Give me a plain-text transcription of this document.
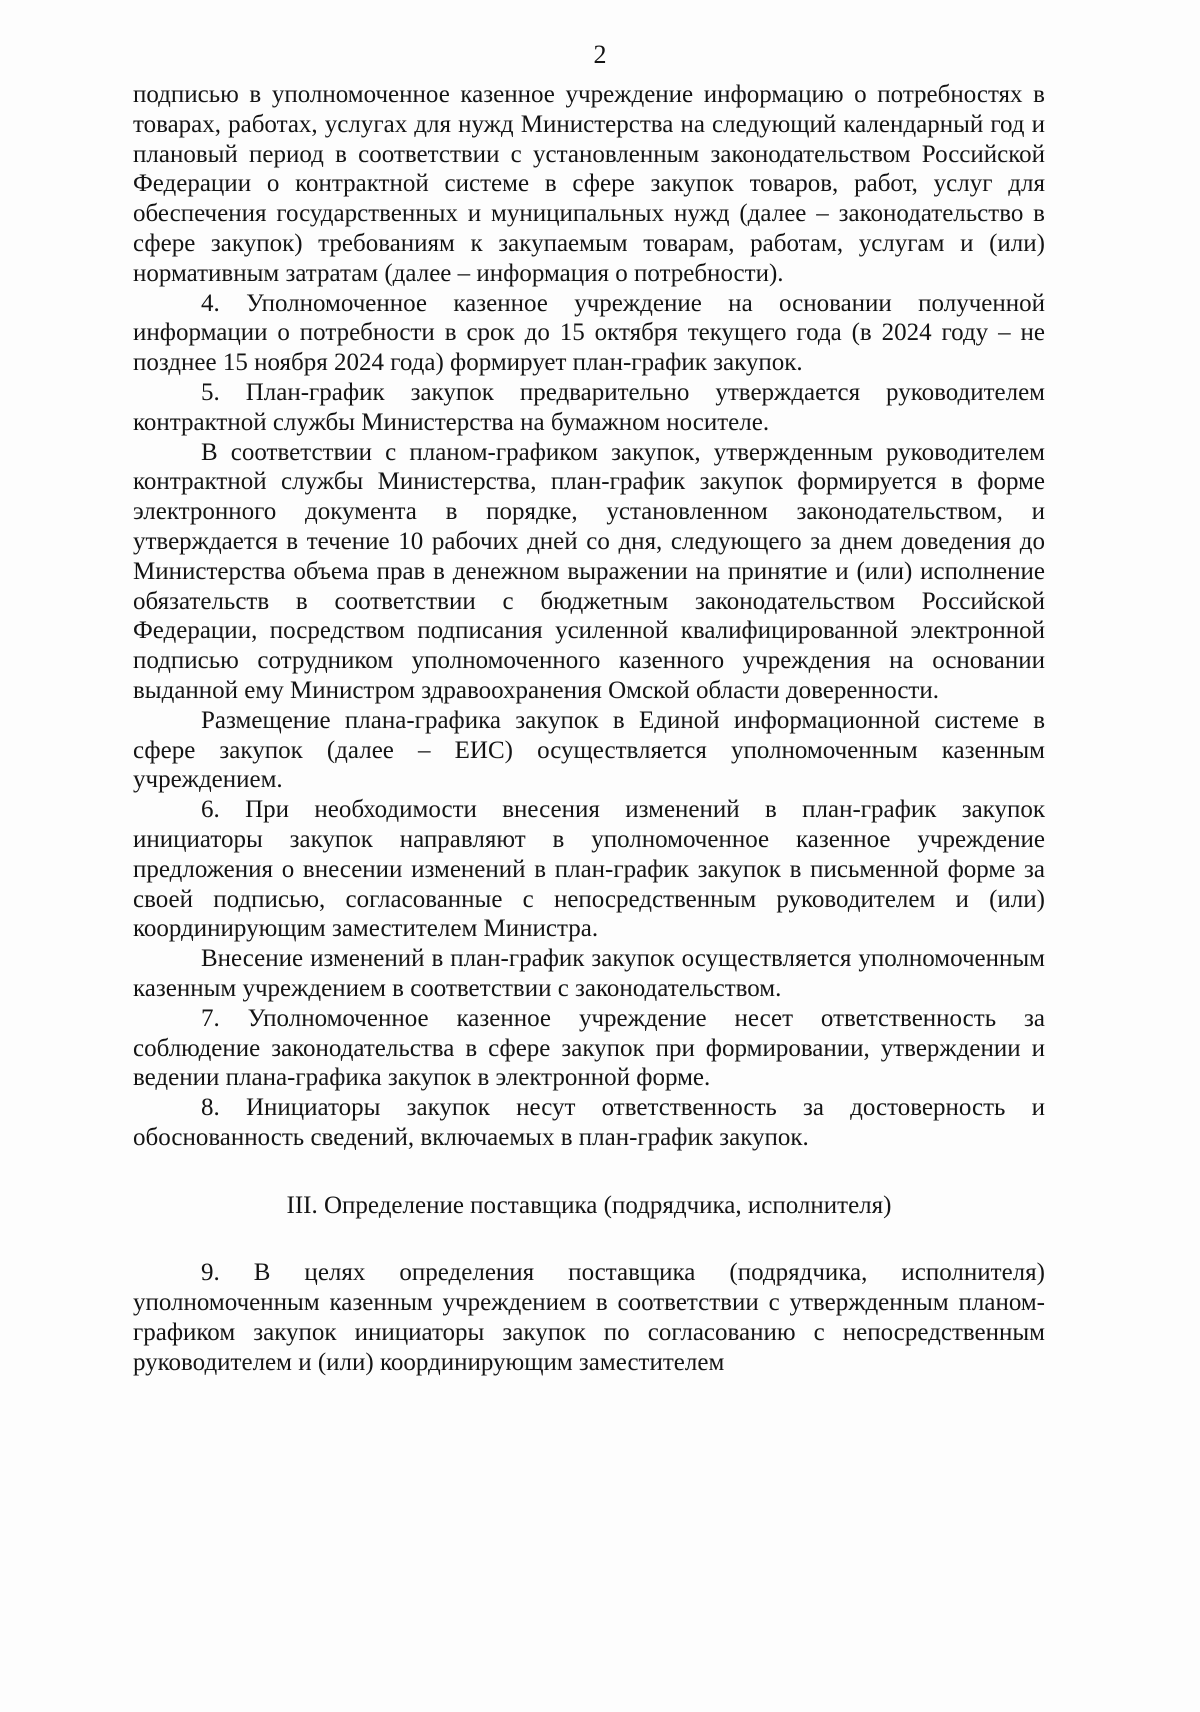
2

подписью в уполномоченное казенное учреждение информацию о потребностях в товарах, работах, услугах для нужд Министерства на следующий календарный год и плановый период в соответствии с установленным законодательством Российской Федерации о контрактной системе в сфере закупок товаров, работ, услуг для обеспечения государственных и муниципальных нужд (далее – законодательство в сфере закупок) требованиям к закупаемым товарам, работам, услугам и (или) нормативным затратам (далее – информация о потребности).

4. Уполномоченное казенное учреждение на основании полученной информации о потребности в срок до 15 октября текущего года (в 2024 году – не позднее 15 ноября 2024 года) формирует план-график закупок.

5. План-график закупок предварительно утверждается руководителем контрактной службы Министерства на бумажном носителе.

В соответствии с планом-графиком закупок, утвержденным руководителем контрактной службы Министерства, план-график закупок формируется в форме электронного документа в порядке, установленном законодательством, и утверждается в течение 10 рабочих дней со дня, следующего за днем доведения до Министерства объема прав в денежном выражении на принятие и (или) исполнение обязательств в соответствии с бюджетным законодательством Российской Федерации, посредством подписания усиленной квалифицированной электронной подписью сотрудником уполномоченного казенного учреждения на основании выданной ему Министром здравоохранения Омской области доверенности.

Размещение плана-графика закупок в Единой информационной системе в сфере закупок (далее – ЕИС) осуществляется уполномоченным казенным учреждением.

6. При необходимости внесения изменений в план-график закупок инициаторы закупок направляют в уполномоченное казенное учреждение предложения о внесении изменений в план-график закупок в письменной форме за своей подписью, согласованные с непосредственным руководителем и (или) координирующим заместителем Министра.

Внесение изменений в план-график закупок осуществляется уполномоченным казенным учреждением в соответствии с законодательством.

7. Уполномоченное казенное учреждение несет ответственность за соблюдение законодательства в сфере закупок при формировании, утверждении и ведении плана-графика закупок в электронной форме.

8. Инициаторы закупок несут ответственность за достоверность и обоснованность сведений, включаемых в план-график закупок.

III. Определение поставщика (подрядчика, исполнителя)

9. В целях определения поставщика (подрядчика, исполнителя) уполномоченным казенным учреждением в соответствии с утвержденным планом-графиком закупок инициаторы закупок по согласованию с непосредственным руководителем и (или) координирующим заместителем
